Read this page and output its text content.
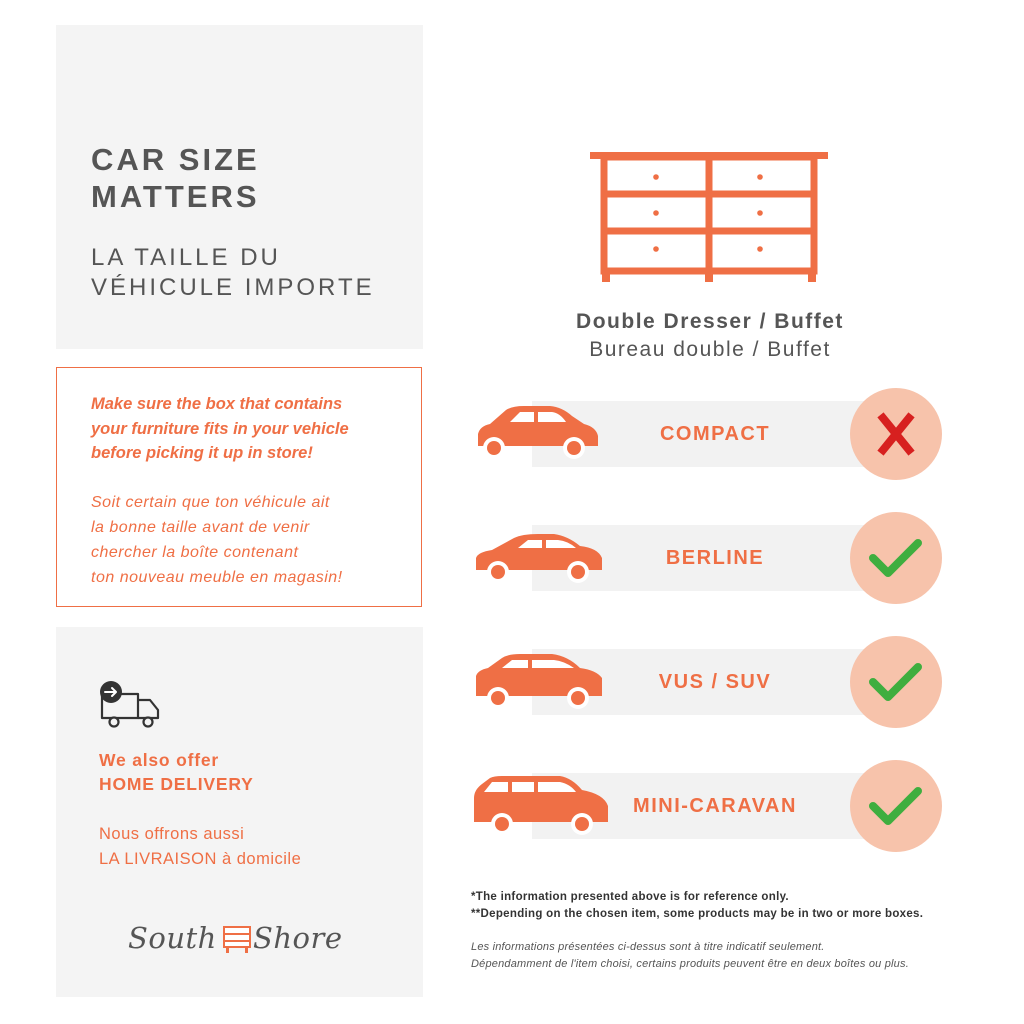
CAR SIZE
MATTERS
LA TAILLE DU
VÉHICULE IMPORTE
Make sure the box that contains
your furniture fits in your vehicle
before picking it up in store!
Soit certain que ton véhicule ait
la bonne taille avant de venir
chercher la boîte contenant
ton nouveau meuble en magasin!
We also offer
HOME DELIVERY
Nous offrons aussi
LA LIVRAISON à domicile
South Shore
Double Dresser / Buffet
Bureau double / Buffet
COMPACT
BERLINE
VUS / SUV
MINI-CARAVAN
*The information presented above is for reference only.
**Depending on the chosen item, some products may be in two or more boxes.
Les informations présentées ci-dessus sont à titre indicatif seulement.
Dépendamment de l'item choisi, certains produits peuvent être en deux boîtes ou plus.
